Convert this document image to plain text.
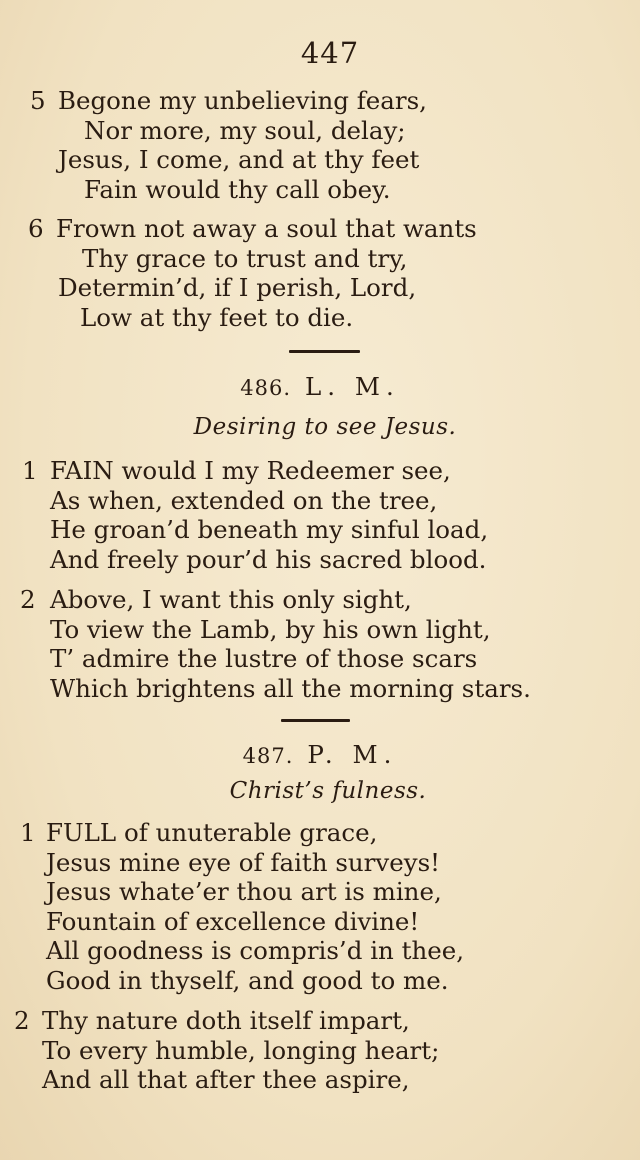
447
5 Begone my unbelieving fears,
Nor more, my soul, delay;
Jesus, I come, and at thy feet
Fain would thy call obey.
6 Frown not away a soul that wants
Thy grace to trust and try,
Determin’d, if I perish, Lord,
Low at thy feet to die.
486. L. M.
Desiring to see Jesus.
1 FAIN would I my Redeemer see,
As when, extended on the tree,
He groan’d beneath my sinful load,
And freely pour’d his sacred blood.
2 Above, I want this only sight,
To view the Lamb, by his own light,
T’ admire the lustre of those scars
Which brightens all the morning stars.
487. P. M.
Christ’s fulness.
1 FULL of unuterable grace,
Jesus mine eye of faith surveys!
Jesus whate’er thou art is mine,
Fountain of excellence divine!
All goodness is compris’d in thee,
Good in thyself, and good to me.
2 Thy nature doth itself impart,
To every humble, longing heart;
And all that after thee aspire,
